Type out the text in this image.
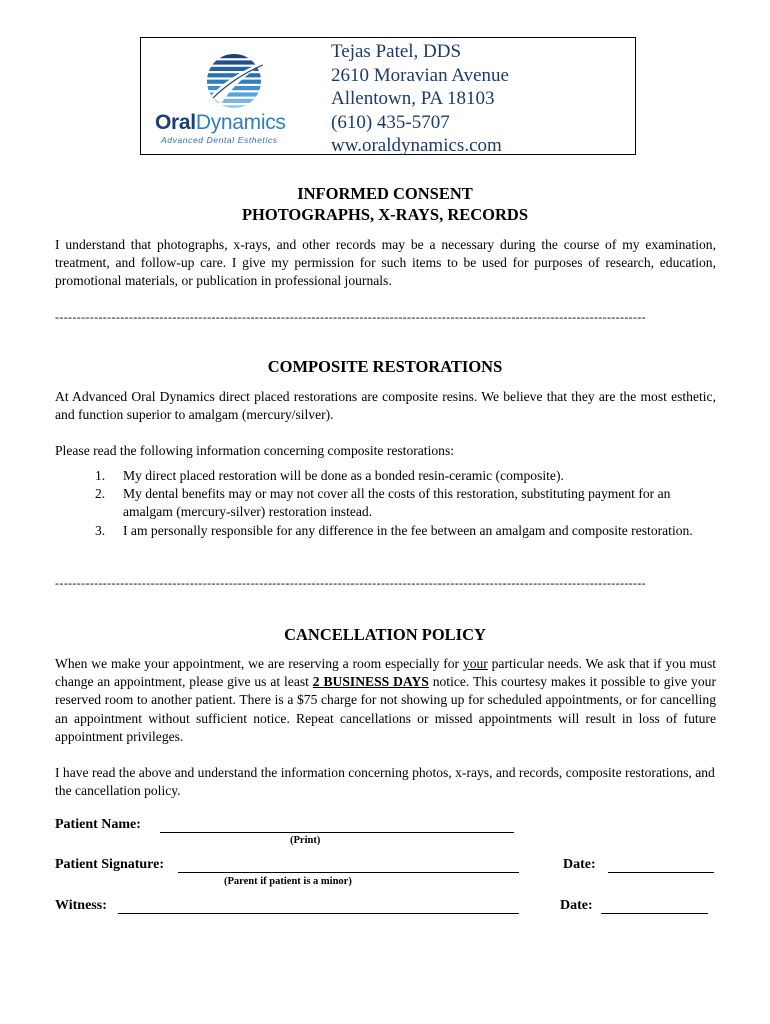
OralDynamics
Advanced Dental Esthetics
Tejas Patel, DDS
2610 Moravian Avenue
Allentown, PA 18103
(610) 435-5707
ww.oraldynamics.com
INFORMED CONSENT
PHOTOGRAPHS, X-RAYS, RECORDS
I understand that photographs, x-rays, and other records may be a necessary during the course of my examination, treatment, and follow-up care. I give my permission for such items to be used for purposes of research, education, promotional materials, or publication in professional journals.
----------------------------------------------------------------------------------------------------------------------------------------
COMPOSITE RESTORATIONS
At Advanced Oral Dynamics direct placed restorations are composite resins. We believe that they are the most esthetic, and function superior to amalgam (mercury/silver).
Please read the following information concerning composite restorations:
1.	My direct placed restoration will be done as a bonded resin-ceramic (composite).
2.	My dental benefits may or may not cover all the costs of this restoration, substituting payment for an amalgam (mercury-silver) restoration instead.
3.	I am personally responsible for any difference in the fee between an amalgam and composite restoration.
----------------------------------------------------------------------------------------------------------------------------------------
CANCELLATION POLICY
When we make your appointment, we are reserving a room especially for your particular needs. We ask that if you must change an appointment, please give us at least 2 BUSINESS DAYS notice. This courtesy makes it possible to give your reserved room to another patient. There is a $75 charge for not showing up for scheduled appointments, or for cancelling an appointment without sufficient notice. Repeat cancellations or missed appointments will result in loss of future appointment privileges.
I have read the above and understand the information concerning photos, x-rays, and records, composite restorations, and the cancellation policy.
Patient Name:
(Print)
Patient Signature:
(Parent if patient is a minor)
Date:
Witness:	Date:
